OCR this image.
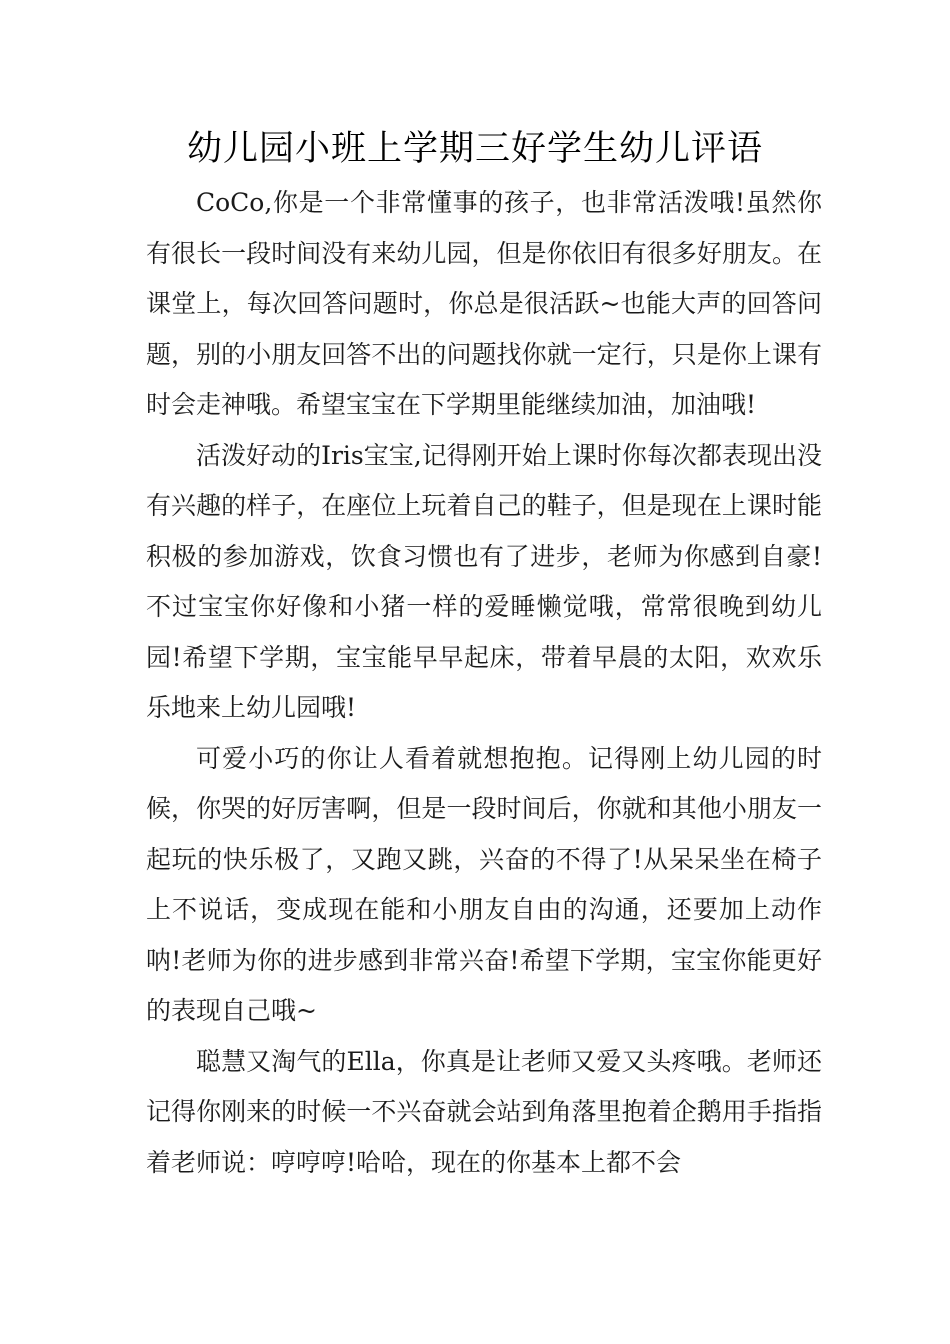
幼儿园小班上学期三好学生幼儿评语

CoCo,你是一个非常懂事的孩子，也非常活泼哦!虽然你有很长一段时间没有来幼儿园，但是你依旧有很多好朋友。在课堂上，每次回答问题时，你总是很活跃~也能大声的回答问题，别的小朋友回答不出的问题找你就一定行，只是你上课有时会走神哦。希望宝宝在下学期里能继续加油，加油哦!

活泼好动的Iris宝宝,记得刚开始上课时你每次都表现出没有兴趣的样子，在座位上玩着自己的鞋子，但是现在上课时能积极的参加游戏，饮食习惯也有了进步，老师为你感到自豪!不过宝宝你好像和小猪一样的爱睡懒觉哦，常常很晚到幼儿园!希望下学期，宝宝能早早起床，带着早晨的太阳，欢欢乐乐地来上幼儿园哦!

可爱小巧的你让人看着就想抱抱。记得刚上幼儿园的时候，你哭的好厉害啊，但是一段时间后，你就和其他小朋友一起玩的快乐极了，又跑又跳，兴奋的不得了!从呆呆坐在椅子上不说话，变成现在能和小朋友自由的沟通，还要加上动作呐!老师为你的进步感到非常兴奋!希望下学期，宝宝你能更好的表现自己哦~

聪慧又淘气的Ella，你真是让老师又爱又头疼哦。老师还记得你刚来的时候一不兴奋就会站到角落里抱着企鹅用手指指着老师说：哼哼哼!哈哈，现在的你基本上都不会
